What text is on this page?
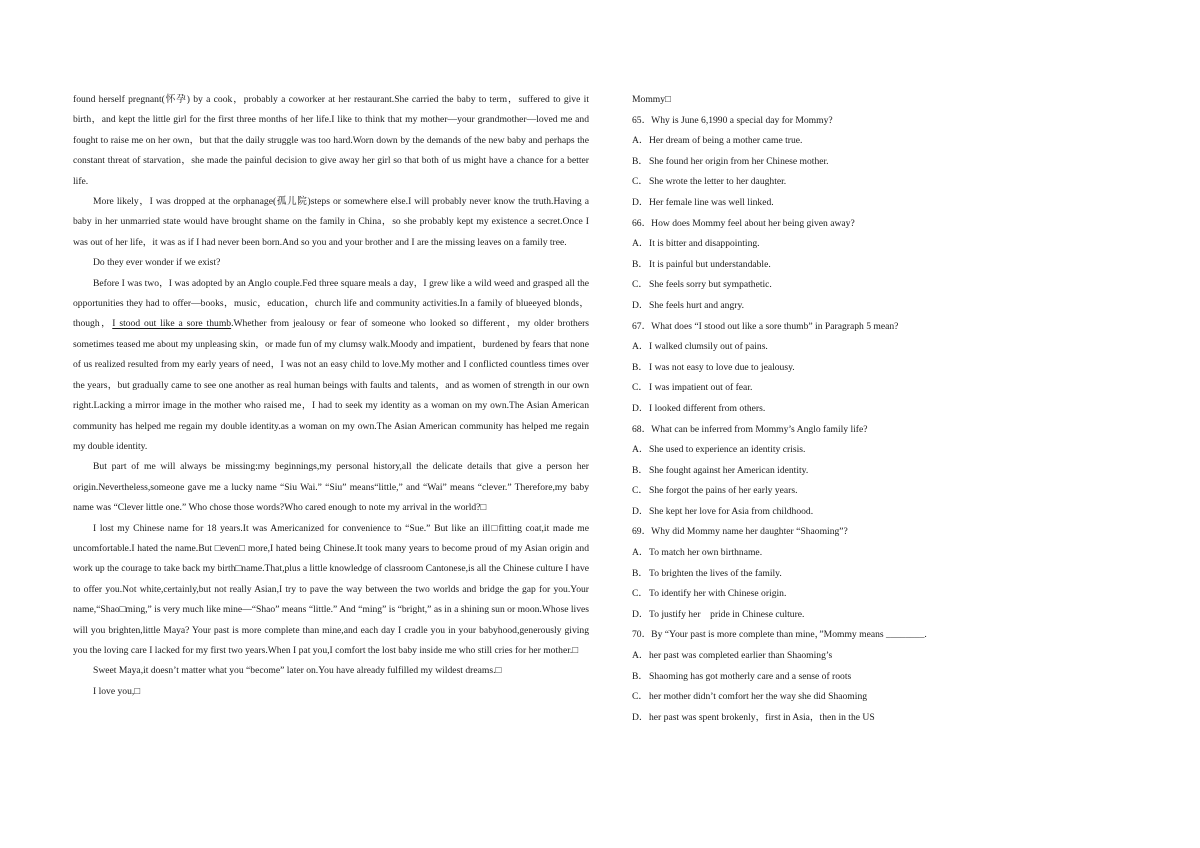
found herself pregnant(怀孕) by a cook，probably a coworker at her restaurant.She carried the baby to term，suffered to give it birth，and kept the little girl for the first three months of her life.I like to think that my mother—your grandmother—loved me and fought to raise me on her own，but that the daily struggle was too hard.Worn down by the demands of the new baby and perhaps the constant threat of starvation，she made the painful decision to give away her girl so that both of us might have a chance for a better life.

More likely，I was dropped at the orphanage(孤儿院)steps or somewhere else.I will probably never know the truth.Having a baby in her unmarried state would have brought shame on the family in China，so she probably kept my existence a secret.Once I was out of her life，it was as if I had never been born.And so you and your brother and I are the missing leaves on a family tree.

Do they ever wonder if we exist?

Before I was two，I was adopted by an Anglo couple.Fed three square meals a day，I grew like a wild weed and grasped all the opportunities they had to offer—books，music，education，church life and community activities.In a family of blueeyed blonds，though，I stood out like a sore thumb.Whether from jealousy or fear of someone who looked so different，my older brothers sometimes teased me about my unpleasing skin，or made fun of my clumsy walk.Moody and impatient，burdened by fears that none of us realized resulted from my early years of need，I was not an easy child to love.My mother and I conflicted countless times over the years，but gradually came to see one another as real human beings with faults and talents，and as women of strength in our own right.Lacking a mirror image in the mother who raised me，I had to seek my identity as a woman on my own.The Asian American community has helped me regain my double identity.as a woman on my own.The Asian American community has helped me regain my double identity.

But part of me will always be missing:my beginnings,my personal history,all the delicate details that give a person her origin.Nevertheless,someone gave me a lucky name “Siu Wai.” “Siu” means“little,” and “Wai” means “clever.” Therefore,my baby name was “Clever little one.” Who chose those words?Who cared enough to note my arrival in the world?□

I lost my Chinese name for 18 years.It was Americanized for convenience to “Sue.” But like an ill□fitting coat,it made me uncomfortable.I hated the name.But □even□ more,I hated being Chinese.It took many years to become proud of my Asian origin and work up the courage to take back my birth□name.That,plus a little knowledge of classroom Cantonese,is all the Chinese culture I have to offer you.Not white,certainly,but not really Asian,I try to pave the way between the two worlds and bridge the gap for you.Your name,“Shao□ming,” is very much like mine—“Shao” means “little.” And “ming” is “bright,” as in a shining sun or moon.Whose lives will you brighten,little Maya? Your past is more complete than mine,and each day I cradle you in your babyhood,generously giving you the loving care I lacked for my first two years.When I pat you,I comfort the lost baby inside me who still cries for her mother.□

Sweet Maya,it doesn’t matter what you “become” later on.You have already fulfilled my wildest dreams.□

I love you,□

Mommy□
65．Why is June 6,1990 a special day for Mommy?
A．Her dream of being a mother came true.
B．She found her origin from her Chinese mother.
C．She wrote the letter to her daughter.
D．Her female line was well linked.
66．How does Mommy feel about her being given away?
A．It is bitter and disappointing.
B．It is painful but understandable.
C．She feels sorry but sympathetic.
D．She feels hurt and angry.
67．What does “I stood out like a sore thumb” in Paragraph 5 mean?
A．I walked clumsily out of pains.
B．I was not easy to love due to jealousy.
C．I was impatient out of fear.
D．I looked different from others.
68．What can be inferred from Mommy’s Anglo family life?
A．She used to experience an identity crisis.
B．She fought against her American identity.
C．She forgot the pains of her early years.
D．She kept her love for Asia from childhood.
69．Why did Mommy name her daughter “Shaoming”?
A．To match her own birthname.
B．To brighten the lives of the family.
C．To identify her with Chinese origin.
D．To justify her　pride in Chinese culture.
70．By “Your past is more complete than mine，”Mommy means ________.
A．her past was completed earlier than Shaoming’s
B．Shaoming has got motherly care and a sense of roots
C．her mother didn’t comfort her the way she did Shaoming
D．her past was spent brokenly，first in Asia，then in the US
